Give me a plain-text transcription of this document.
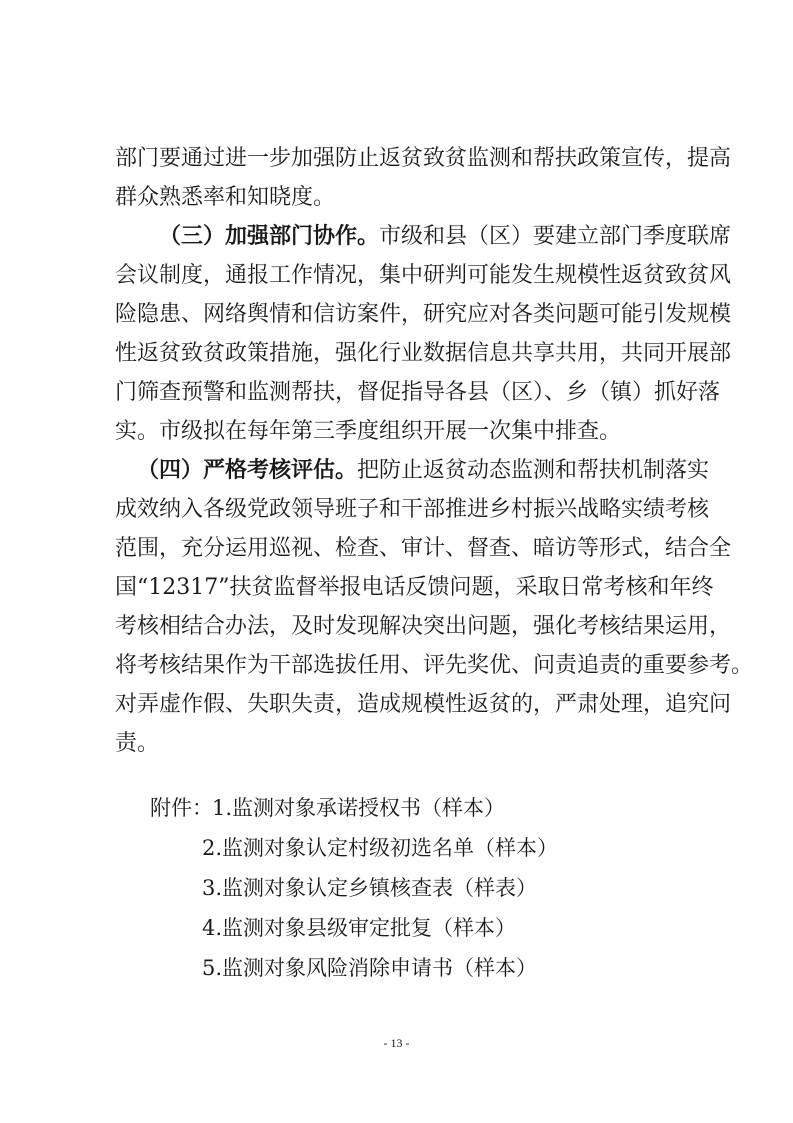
部门要通过进一步加强防止返贫致贫监测和帮扶政策宣传，提高
群众熟悉率和知晓度。
（三）加强部门协作。市级和县（区）要建立部门季度联席
会议制度，通报工作情况，集中研判可能发生规模性返贫致贫风
险隐患、网络舆情和信访案件，研究应对各类问题可能引发规模
性返贫致贫政策措施，强化行业数据信息共享共用，共同开展部
门筛查预警和监测帮扶，督促指导各县（区）、乡（镇）抓好落
实。市级拟在每年第三季度组织开展一次集中排查。
（四）严格考核评估。把防止返贫动态监测和帮扶机制落实
成效纳入各级党政领导班子和干部推进乡村振兴战略实绩考核
范围，充分运用巡视、检查、审计、督查、暗访等形式，结合全
国“12317”扶贫监督举报电话反馈问题，采取日常考核和年终
考核相结合办法，及时发现解决突出问题，强化考核结果运用，
将考核结果作为干部选拔任用、评先奖优、问责追责的重要参考。
对弄虚作假、失职失责，造成规模性返贫的，严肃处理，追究问
责。
附件： 1.监测对象承诺授权书（样本）
2.监测对象认定村级初选名单（样本）
3.监测对象认定乡镇核查表（样表）
4.监测对象县级审定批复（样本）
5.监测对象风险消除申请书（样本）
- 13 -
